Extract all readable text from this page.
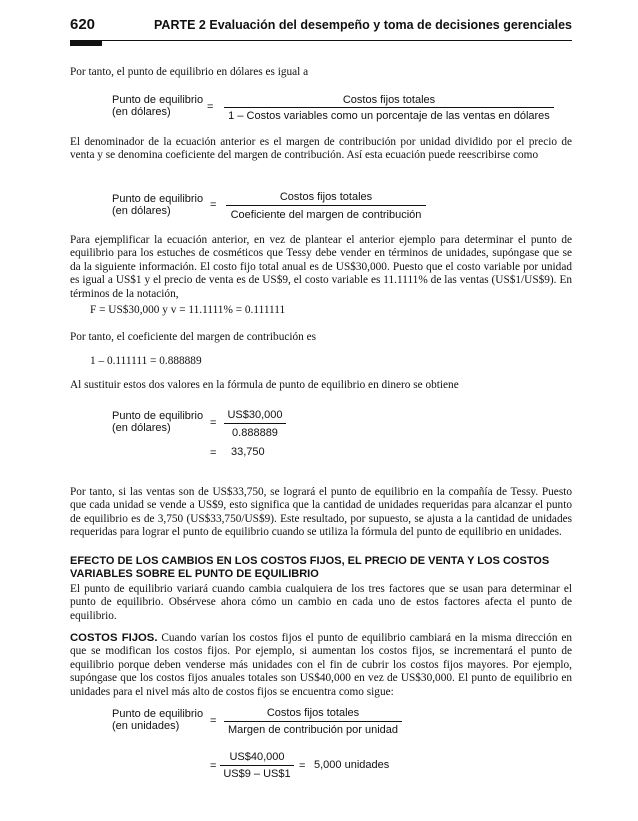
620	PARTE 2 Evaluación del desempeño y toma de decisiones gerenciales

Por tanto, el punto de equilibrio en dólares es igual a

Punto de equilibrio
(en dólares)	=
Costos fijos totales
1 – Costos variables como un porcentaje de las ventas en dólares

El denominador de la ecuación anterior es el margen de contribución por unidad dividido por el precio de venta y se denomina coeficiente del margen de contribución. Así esta ecuación puede reescribirse como

Punto de equilibrio
(en dólares)	=
Costos fijos totales
Coeficiente del margen de contribución

Para ejemplificar la ecuación anterior, en vez de plantear el anterior ejemplo para determinar el punto de equilibrio para los estuches de cosméticos que Tessy debe vender en términos de unidades, supóngase que se da la siguiente información. El costo fijo total anual es de US$30,000. Puesto que el costo variable por unidad es igual a US$1 y el precio de venta es de US$9, el costo variable es 11.1111% de las ventas (US$1/US$9). En términos de la notación,

F = US$30,000 y v = 11.1111% = 0.111111

Por tanto, el coeficiente del margen de contribución es

1 – 0.111111 = 0.888889

Al sustituir estos dos valores en la fórmula de punto de equilibrio en dinero se obtiene

Punto de equilibrio
(en dólares)	=
US$30,000
0.888889
= 33,750

Por tanto, si las ventas son de US$33,750, se logrará el punto de equilibrio en la compañía de Tessy. Puesto que cada unidad se vende a US$9, esto significa que la cantidad de unidades requeridas para alcanzar el punto de equilibrio es de 3,750 (US$33,750/US$9). Este resultado, por supuesto, se ajusta a la cantidad de unidades requeridas para lograr el punto de equilibrio cuando se utiliza la fórmula del punto de equilibrio en unidades.

EFECTO DE LOS CAMBIOS EN LOS COSTOS FIJOS, EL PRECIO DE VENTA Y LOS COSTOS VARIABLES SOBRE EL PUNTO DE EQUILIBRIO

El punto de equilibrio variará cuando cambia cualquiera de los tres factores que se usan para determinar el punto de equilibrio. Obsérvese ahora cómo un cambio en cada uno de estos factores afecta el punto de equilibrio.

COSTOS FIJOS. Cuando varían los costos fijos el punto de equilibrio cambiará en la misma dirección en que se modifican los costos fijos. Por ejemplo, si aumentan los costos fijos, se incrementará el punto de equilibrio porque deben venderse más unidades con el fin de cubrir los costos fijos mayores. Por ejemplo, supóngase que los costos fijos anuales totales son US$40,000 en vez de US$30,000. El punto de equilibrio en unidades para el nivel más alto de costos fijos se encuentra como sigue:

Punto de equilibrio
(en unidades)	=
Costos fijos totales
Margen de contribución por unidad
=
US$40,000
US$9 – US$1
= 5,000 unidades
